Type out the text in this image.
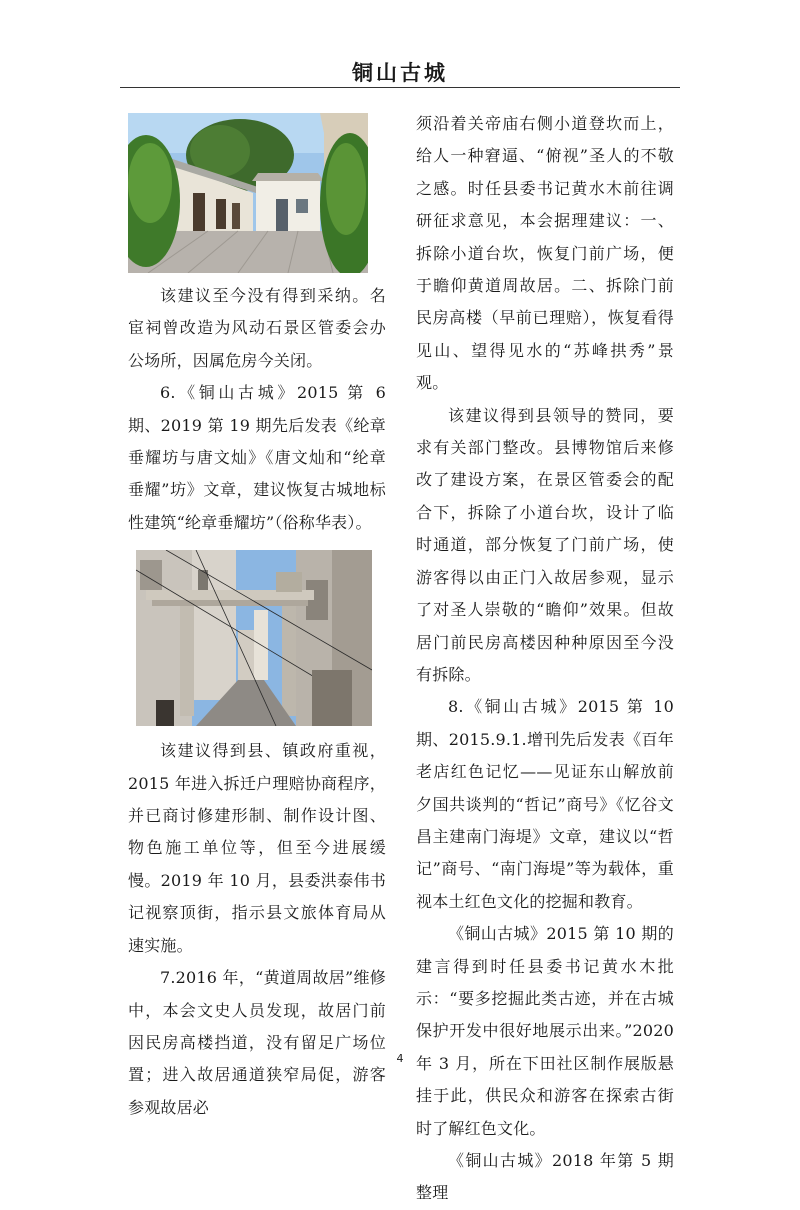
铜山古城

该建议至今没有得到采纳。名宦祠曾改造为风动石景区管委会办公场所，因属危房今关闭。

6.《铜山古城》2015 第 6 期、2019 第 19 期先后发表《纶章垂耀坊与唐文灿》《唐文灿和“纶章垂耀”坊》文章，建议恢复古城地标性建筑“纶章垂耀坊”（俗称华表）。

该建议得到县、镇政府重视，2015 年进入拆迁户理赔协商程序，并已商讨修建形制、制作设计图、物色施工单位等，但至今进展缓慢。2019 年 10 月，县委洪泰伟书记视察顶街，指示县文旅体育局从速实施。

7.2016 年，“黄道周故居”维修中，本会文史人员发现，故居门前因民房高楼挡道，没有留足广场位置；进入故居通道狭窄局促，游客参观故居必

须沿着关帝庙右侧小道登坎而上，给人一种窘逼、“俯视”圣人的不敬之感。时任县委书记黄水木前往调研征求意见，本会据理建议：一、拆除小道台坎，恢复门前广场，便于瞻仰黄道周故居。二、拆除门前民房高楼（早前已理赔），恢复看得见山、望得见水的“苏峰拱秀”景观。

该建议得到县领导的赞同，要求有关部门整改。县博物馆后来修改了建设方案，在景区管委会的配合下，拆除了小道台坎，设计了临时通道，部分恢复了门前广场，使游客得以由正门入故居参观，显示了对圣人崇敬的“瞻仰”效果。但故居门前民房高楼因种种原因至今没有拆除。

8.《铜山古城》2015 第 10 期、2015.9.1.增刊先后发表《百年老店红色记忆——见证东山解放前夕国共谈判的“哲记”商号》《忆谷文昌主建南门海堤》文章，建议以“哲记”商号、“南门海堤”等为载体，重视本土红色文化的挖掘和教育。

《铜山古城》2015 第 10 期的建言得到时任县委书记黄水木批示：“要多挖掘此类古迹，并在古城保护开发中很好地展示出来。”2020 年 3 月，所在下田社区制作展版悬挂于此，供民众和游客在探索古街时了解红色文化。

《铜山古城》2018 年第 5 期整理

4
